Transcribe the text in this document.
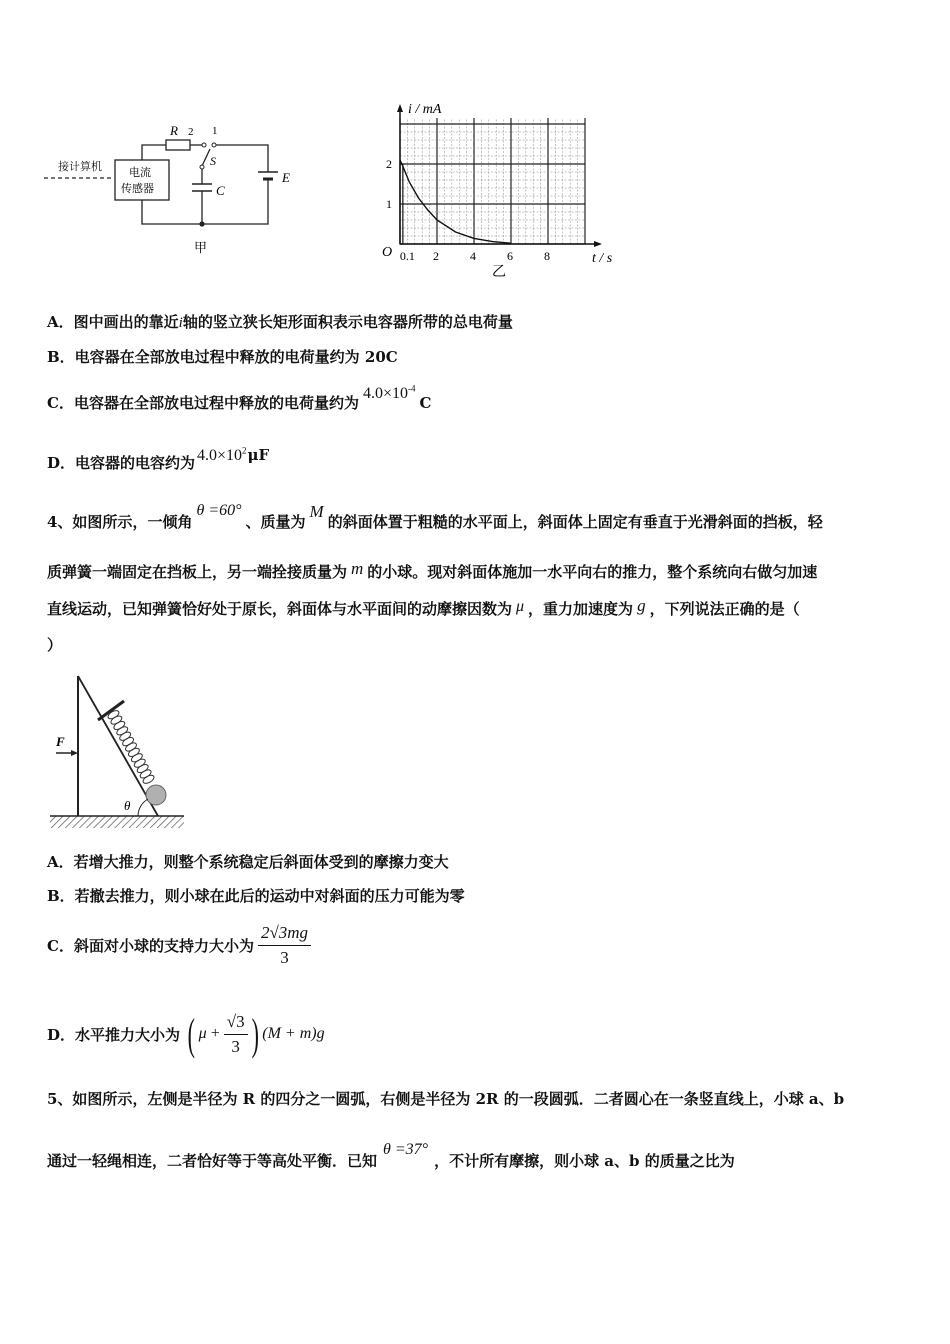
接计算机 电流
传感器
R 2 1
S
E
C
甲
0.1 2	4	6	8
1
2
i / mA
t / s
O
乙
A．图中画出的靠近i轴的竖立狭长矩形面积表示电容器所带的总电荷量
B．电容器在全部放电过程中释放的电荷量约为 20C
C．电容器在全部放电过程中释放的电荷量约为$4.0\times 10^{-4}C$
D．电容器的电容约为 $4.0\times 10^2\mu F$
4、如图所示，一倾角θ =60°、质量为M的斜面体置于粗糙的水平面上，斜面体上固定有垂直于光滑斜面的挡板，轻
质弹簧一端固定在挡板上，另一端拴接质量为 m 的小球。现对斜面体施加一水平向右的推力，整个系统向右做匀加速
直线运动，已知弹簧恰好处于原长，斜面体与水平面间的动摩擦因数为 μ ，重力加速度为 g ，下列说法正确的是（
）
θ
F
A．若增大推力，则整个系统稳定后斜面体受到的摩擦力变大
B．若撤去推力，则小球在此后的运动中对斜面的压力可能为零
C．斜面对小球的支持力大小为 $\frac{2√3mg}{3}$
D．水平推力大小为 ( $\mu + \frac{√3}{3}$ ) (M + m)g
5、如图所示，左侧是半径为 R 的四分之一圆弧，右侧是半径为 2R 的一段圆弧．二者圆心在一条竖直线上，小球 a、b
通过一轻绳相连，二者恰好等于等高处平衡．已知θ =37°，不计所有摩擦，则小球 a、b 的质量之比为
